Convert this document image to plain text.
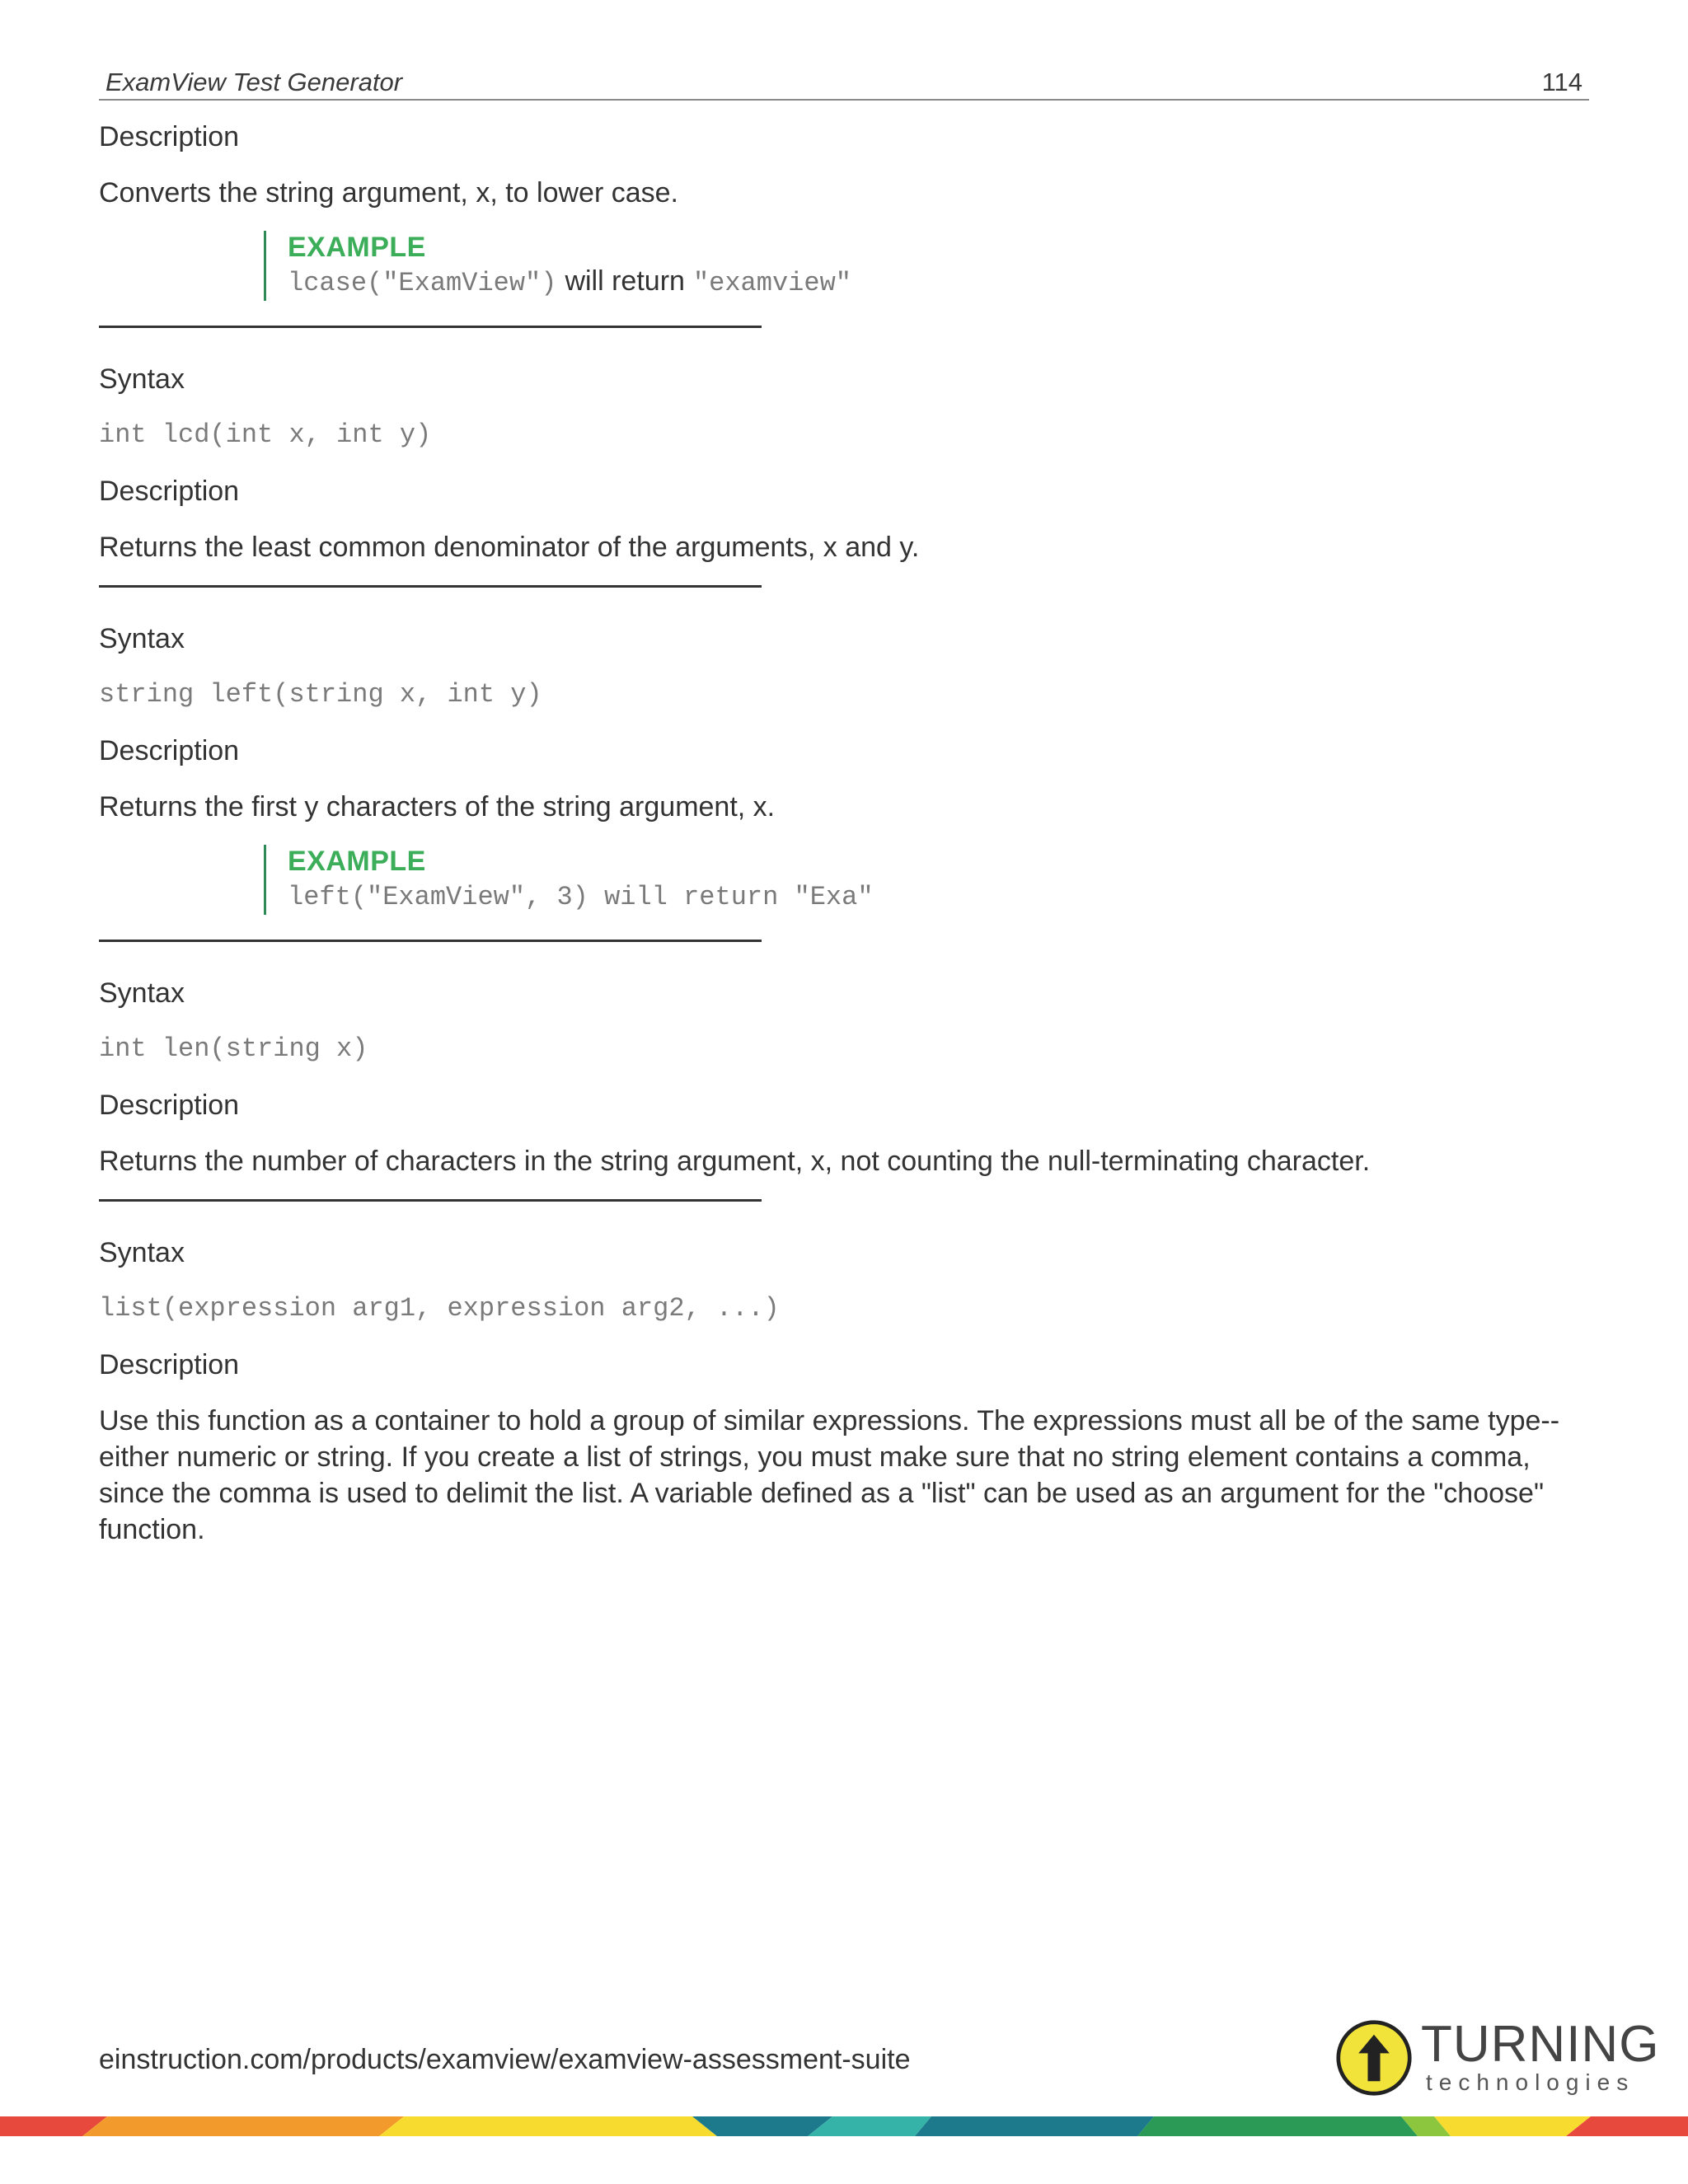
ExamView Test Generator	114

Description

Converts the string argument, x, to lower case.

EXAMPLE
lcase("ExamView") will return "examview"

Syntax

int lcd(int x, int y)

Description

Returns the least common denominator of the arguments, x and y.

Syntax

string left(string x, int y)

Description

Returns the first y characters of the string argument, x.

EXAMPLE
left("ExamView", 3) will return "Exa"

Syntax

int len(string x)

Description

Returns the number of characters in the string argument, x, not counting the null-terminating character.

Syntax

list(expression arg1, expression arg2, ...)

Description

Use this function as a container to hold a group of similar expressions. The expressions must all be of the same type--either numeric or string. If you create a list of strings, you must make sure that no string element contains a comma, since the comma is used to delimit the list. A variable defined as a "list" can be used as an argument for the "choose" function.

einstruction.com/products/examview/examview-assessment-suite	TURNING
technologies
